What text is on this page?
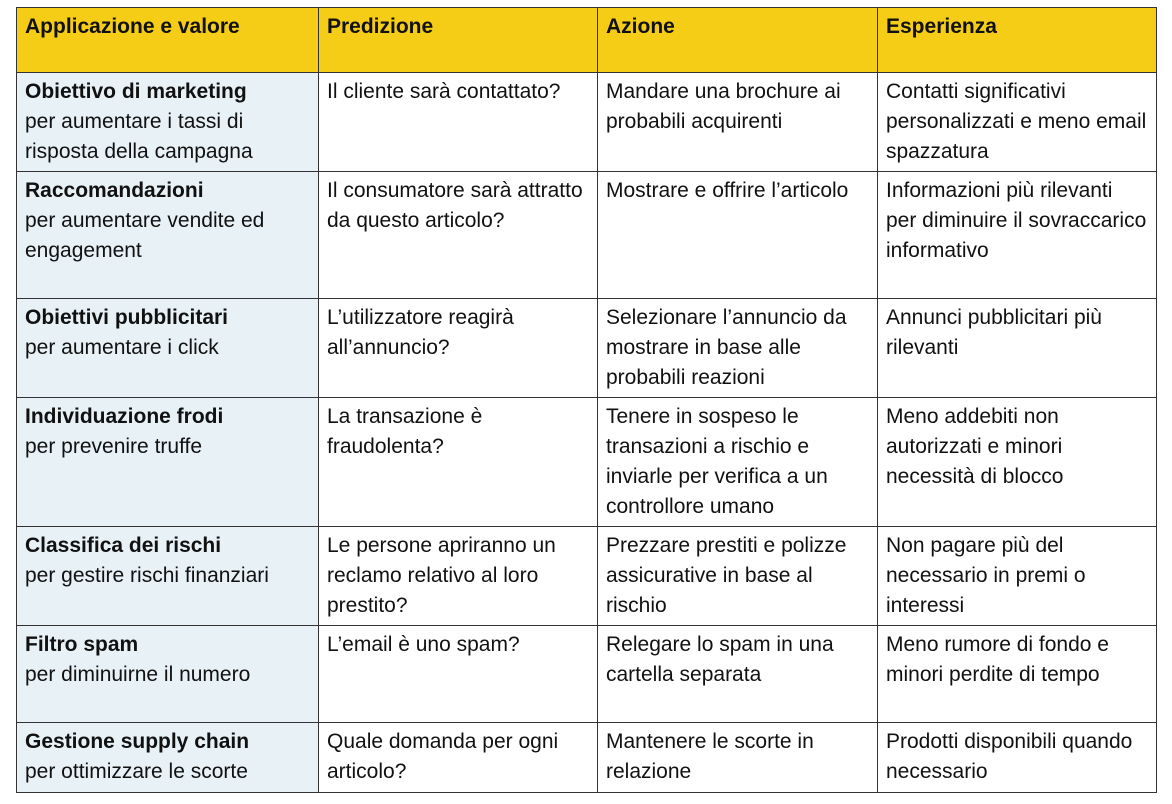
Applicazione e valore	Predizione	Azione	Esperienza

Obiettivo di marketing
per aumentare i tassi di risposta della campagna	Il cliente sarà contattato?	Mandare una brochure ai probabili acquirenti	Contatti significativi personalizzati e meno email spazzatura

Raccomandazioni
per aumentare vendite ed engagement	Il consumatore sarà attratto da questo articolo?	Mostrare e offrire l’articolo	Informazioni più rilevanti per diminuire il sovraccarico informativo

Obiettivi pubblicitari
per aumentare i click	L’utilizzatore reagirà all’annuncio?	Selezionare l’annuncio da mostrare in base alle probabili reazioni	Annunci pubblicitari più rilevanti

Individuazione frodi
per prevenire truffe	La transazione è fraudolenta?	Tenere in sospeso le transazioni a rischio e inviarle per verifica a un controllore umano	Meno addebiti non autorizzati e minori necessità di blocco

Classifica dei rischi
per gestire rischi finanziari	Le persone apriranno un reclamo relativo al loro prestito?	Prezzare prestiti e polizze assicurative in base al rischio	Non pagare più del necessario in premi o interessi

Filtro spam
per diminuirne il numero	L’email è uno spam?	Relegare lo spam in una cartella separata	Meno rumore di fondo e minori perdite di tempo

Gestione supply chain
per ottimizzare le scorte	Quale domanda per ogni articolo?	Mantenere le scorte in relazione	Prodotti disponibili quando necessario
